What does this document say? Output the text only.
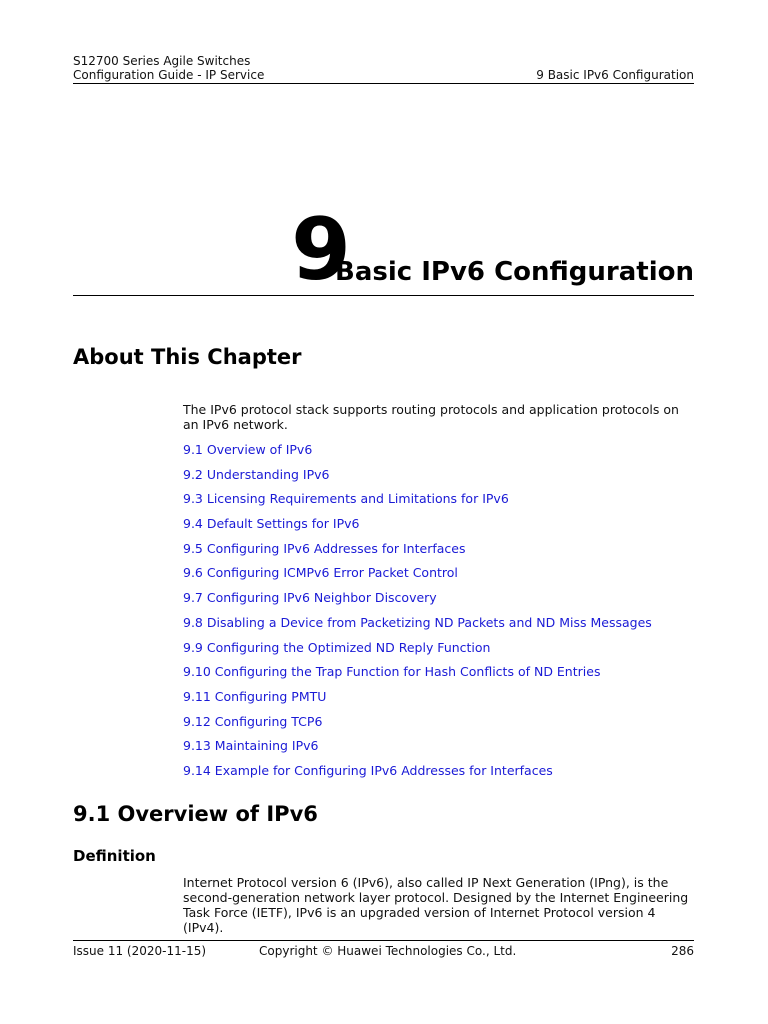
S12700 Series Agile Switches
Configuration Guide - IP Service	9 Basic IPv6 Configuration
9
Basic IPv6 Configuration
About This Chapter

The IPv6 protocol stack supports routing protocols and application protocols on an IPv6 network.

9.1 Overview of IPv6
9.2 Understanding IPv6
9.3 Licensing Requirements and Limitations for IPv6
9.4 Default Settings for IPv6
9.5 Configuring IPv6 Addresses for Interfaces
9.6 Configuring ICMPv6 Error Packet Control
9.7 Configuring IPv6 Neighbor Discovery
9.8 Disabling a Device from Packetizing ND Packets and ND Miss Messages
9.9 Configuring the Optimized ND Reply Function
9.10 Configuring the Trap Function for Hash Conflicts of ND Entries
9.11 Configuring PMTU
9.12 Configuring TCP6
9.13 Maintaining IPv6
9.14 Example for Configuring IPv6 Addresses for Interfaces
9.1 Overview of IPv6
Definition

Internet Protocol version 6 (IPv6), also called IP Next Generation (IPng), is the second-generation network layer protocol. Designed by the Internet Engineering Task Force (IETF), IPv6 is an upgraded version of Internet Protocol version 4 (IPv4).

Issue 11 (2020-11-15)	Copyright © Huawei Technologies Co., Ltd.	286
